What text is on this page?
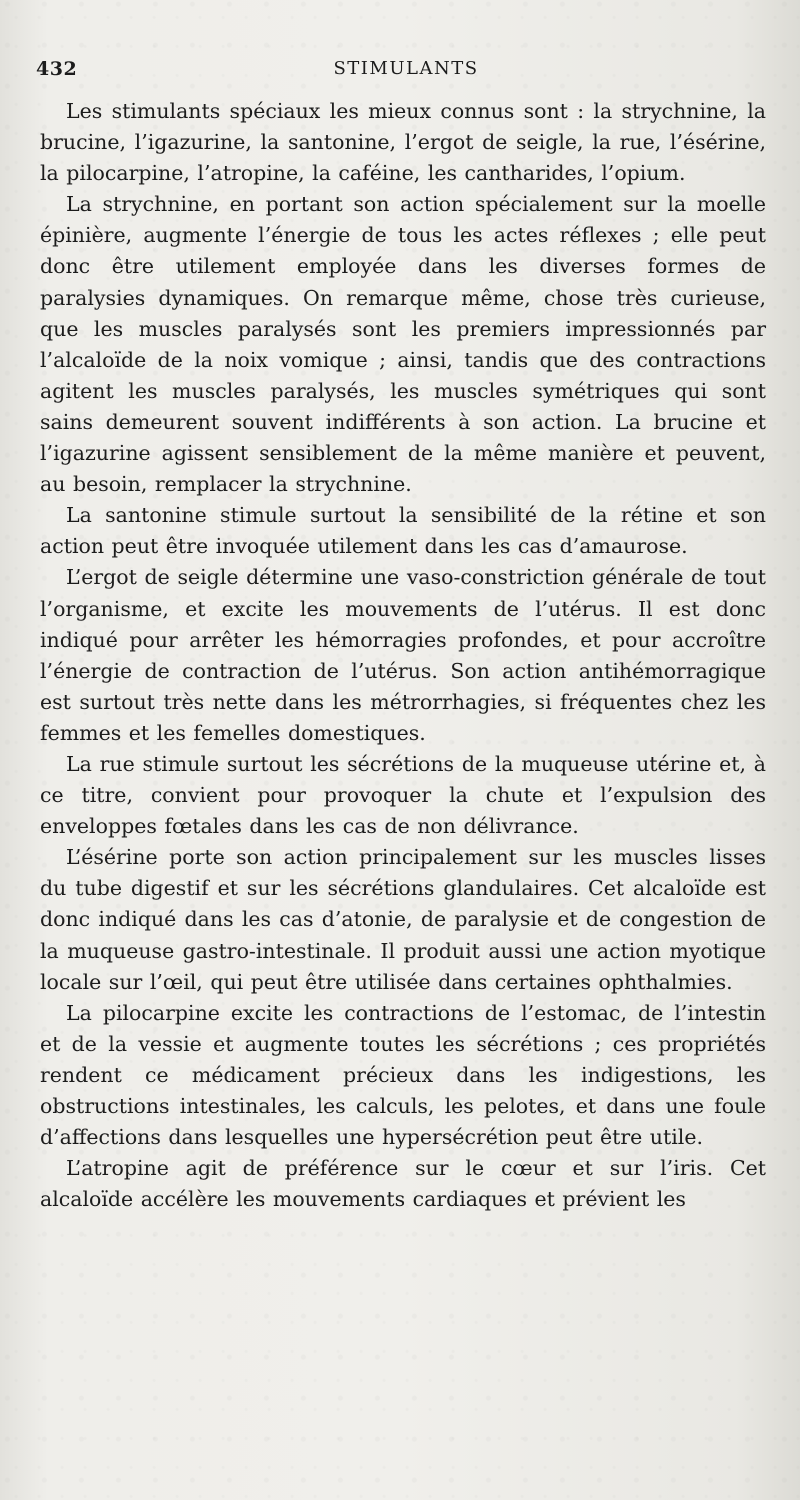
432	STIMULANTS

Les stimulants spéciaux les mieux connus sont : la strychnine, la brucine, l’igazurine, la santonine, l’ergot de seigle, la rue, l’ésérine, la pilocarpine, l’atropine, la caféine, les cantharides, l’opium.

La strychnine, en portant son action spécialement sur la moelle épinière, augmente l’énergie de tous les actes réflexes ; elle peut donc être utilement employée dans les diverses formes de paralysies dynamiques. On remarque même, chose très curieuse, que les muscles paralysés sont les premiers impressionnés par l’alcaloïde de la noix vomique ; ainsi, tandis que des contractions agitent les muscles paralysés, les muscles symétriques qui sont sains demeurent souvent indifférents à son action. La brucine et l’igazurine agissent sensiblement de la même manière et peuvent, au besoin, remplacer la strychnine.

La santonine stimule surtout la sensibilité de la rétine et son action peut être invoquée utilement dans les cas d’amaurose.

L’ergot de seigle détermine une vaso-constriction générale de tout l’organisme, et excite les mouvements de l’utérus. Il est donc indiqué pour arrêter les hémorragies profondes, et pour accroître l’énergie de contraction de l’utérus. Son action antihémorragique est surtout très nette dans les métrorrhagies, si fréquentes chez les femmes et les femelles domestiques.

La rue stimule surtout les sécrétions de la muqueuse utérine et, à ce titre, convient pour provoquer la chute et l’expulsion des enveloppes fœtales dans les cas de non délivrance.

L’ésérine porte son action principalement sur les muscles lisses du tube digestif et sur les sécrétions glandulaires. Cet alcaloïde est donc indiqué dans les cas d’atonie, de paralysie et de congestion de la muqueuse gastro-intestinale. Il produit aussi une action myotique locale sur l’œil, qui peut être utilisée dans certaines ophthalmies.

La pilocarpine excite les contractions de l’estomac, de l’intestin et de la vessie et augmente toutes les sécrétions ; ces propriétés rendent ce médicament précieux dans les indigestions, les obstructions intestinales, les calculs, les pelotes, et dans une foule d’affections dans lesquelles une hypersécrétion peut être utile.

L’atropine agit de préférence sur le cœur et sur l’iris. Cet alcaloïde accélère les mouvements cardiaques et prévient les
